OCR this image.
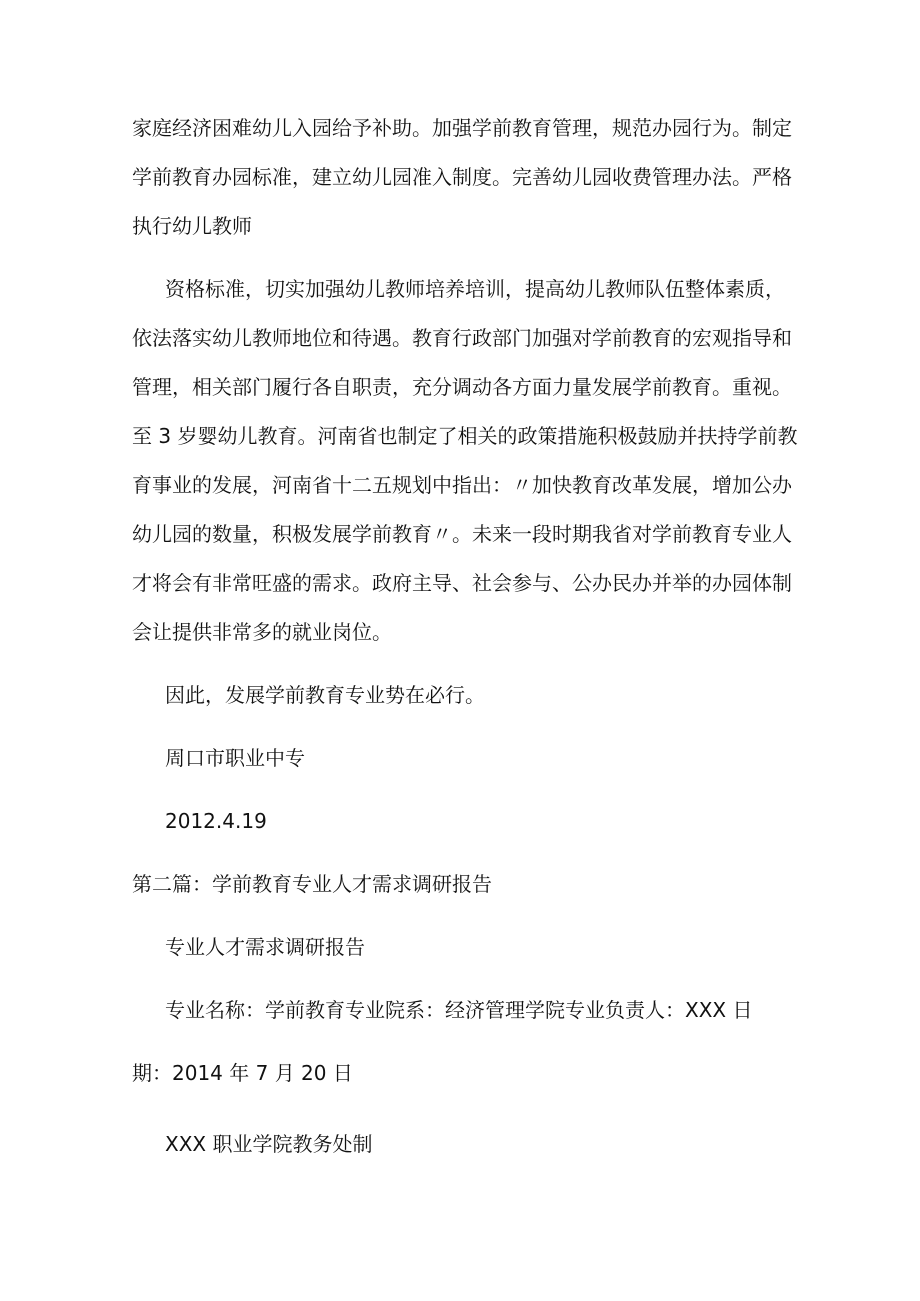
家庭经济困难幼儿入园给予补助。加强学前教育管理，规范办园行为。制定

学前教育办园标准，建立幼儿园准入制度。完善幼儿园收费管理办法。严格

执行幼儿教师

资格标准，切实加强幼儿教师培养培训，提高幼儿教师队伍整体素质，

依法落实幼儿教师地位和待遇。教育行政部门加强对学前教育的宏观指导和

管理，相关部门履行各自职责，充分调动各方面力量发展学前教育。重视。

至 3 岁婴幼儿教育。河南省也制定了相关的政策措施积极鼓励并扶持学前教

育事业的发展，河南省十二五规划中指出：〃加快教育改革发展，增加公办

幼儿园的数量，积极发展学前教育〃。未来一段时期我省对学前教育专业人

才将会有非常旺盛的需求。政府主导、社会参与、公办民办并举的办园体制

会让提供非常多的就业岗位。

因此，发展学前教育专业势在必行。

周口市职业中专

2012.4.19

第二篇：学前教育专业人才需求调研报告

专业人才需求调研报告

专业名称：学前教育专业院系：经济管理学院专业负责人：XXX 日

期：2014 年 7 月 20 日

XXX 职业学院教务处制
